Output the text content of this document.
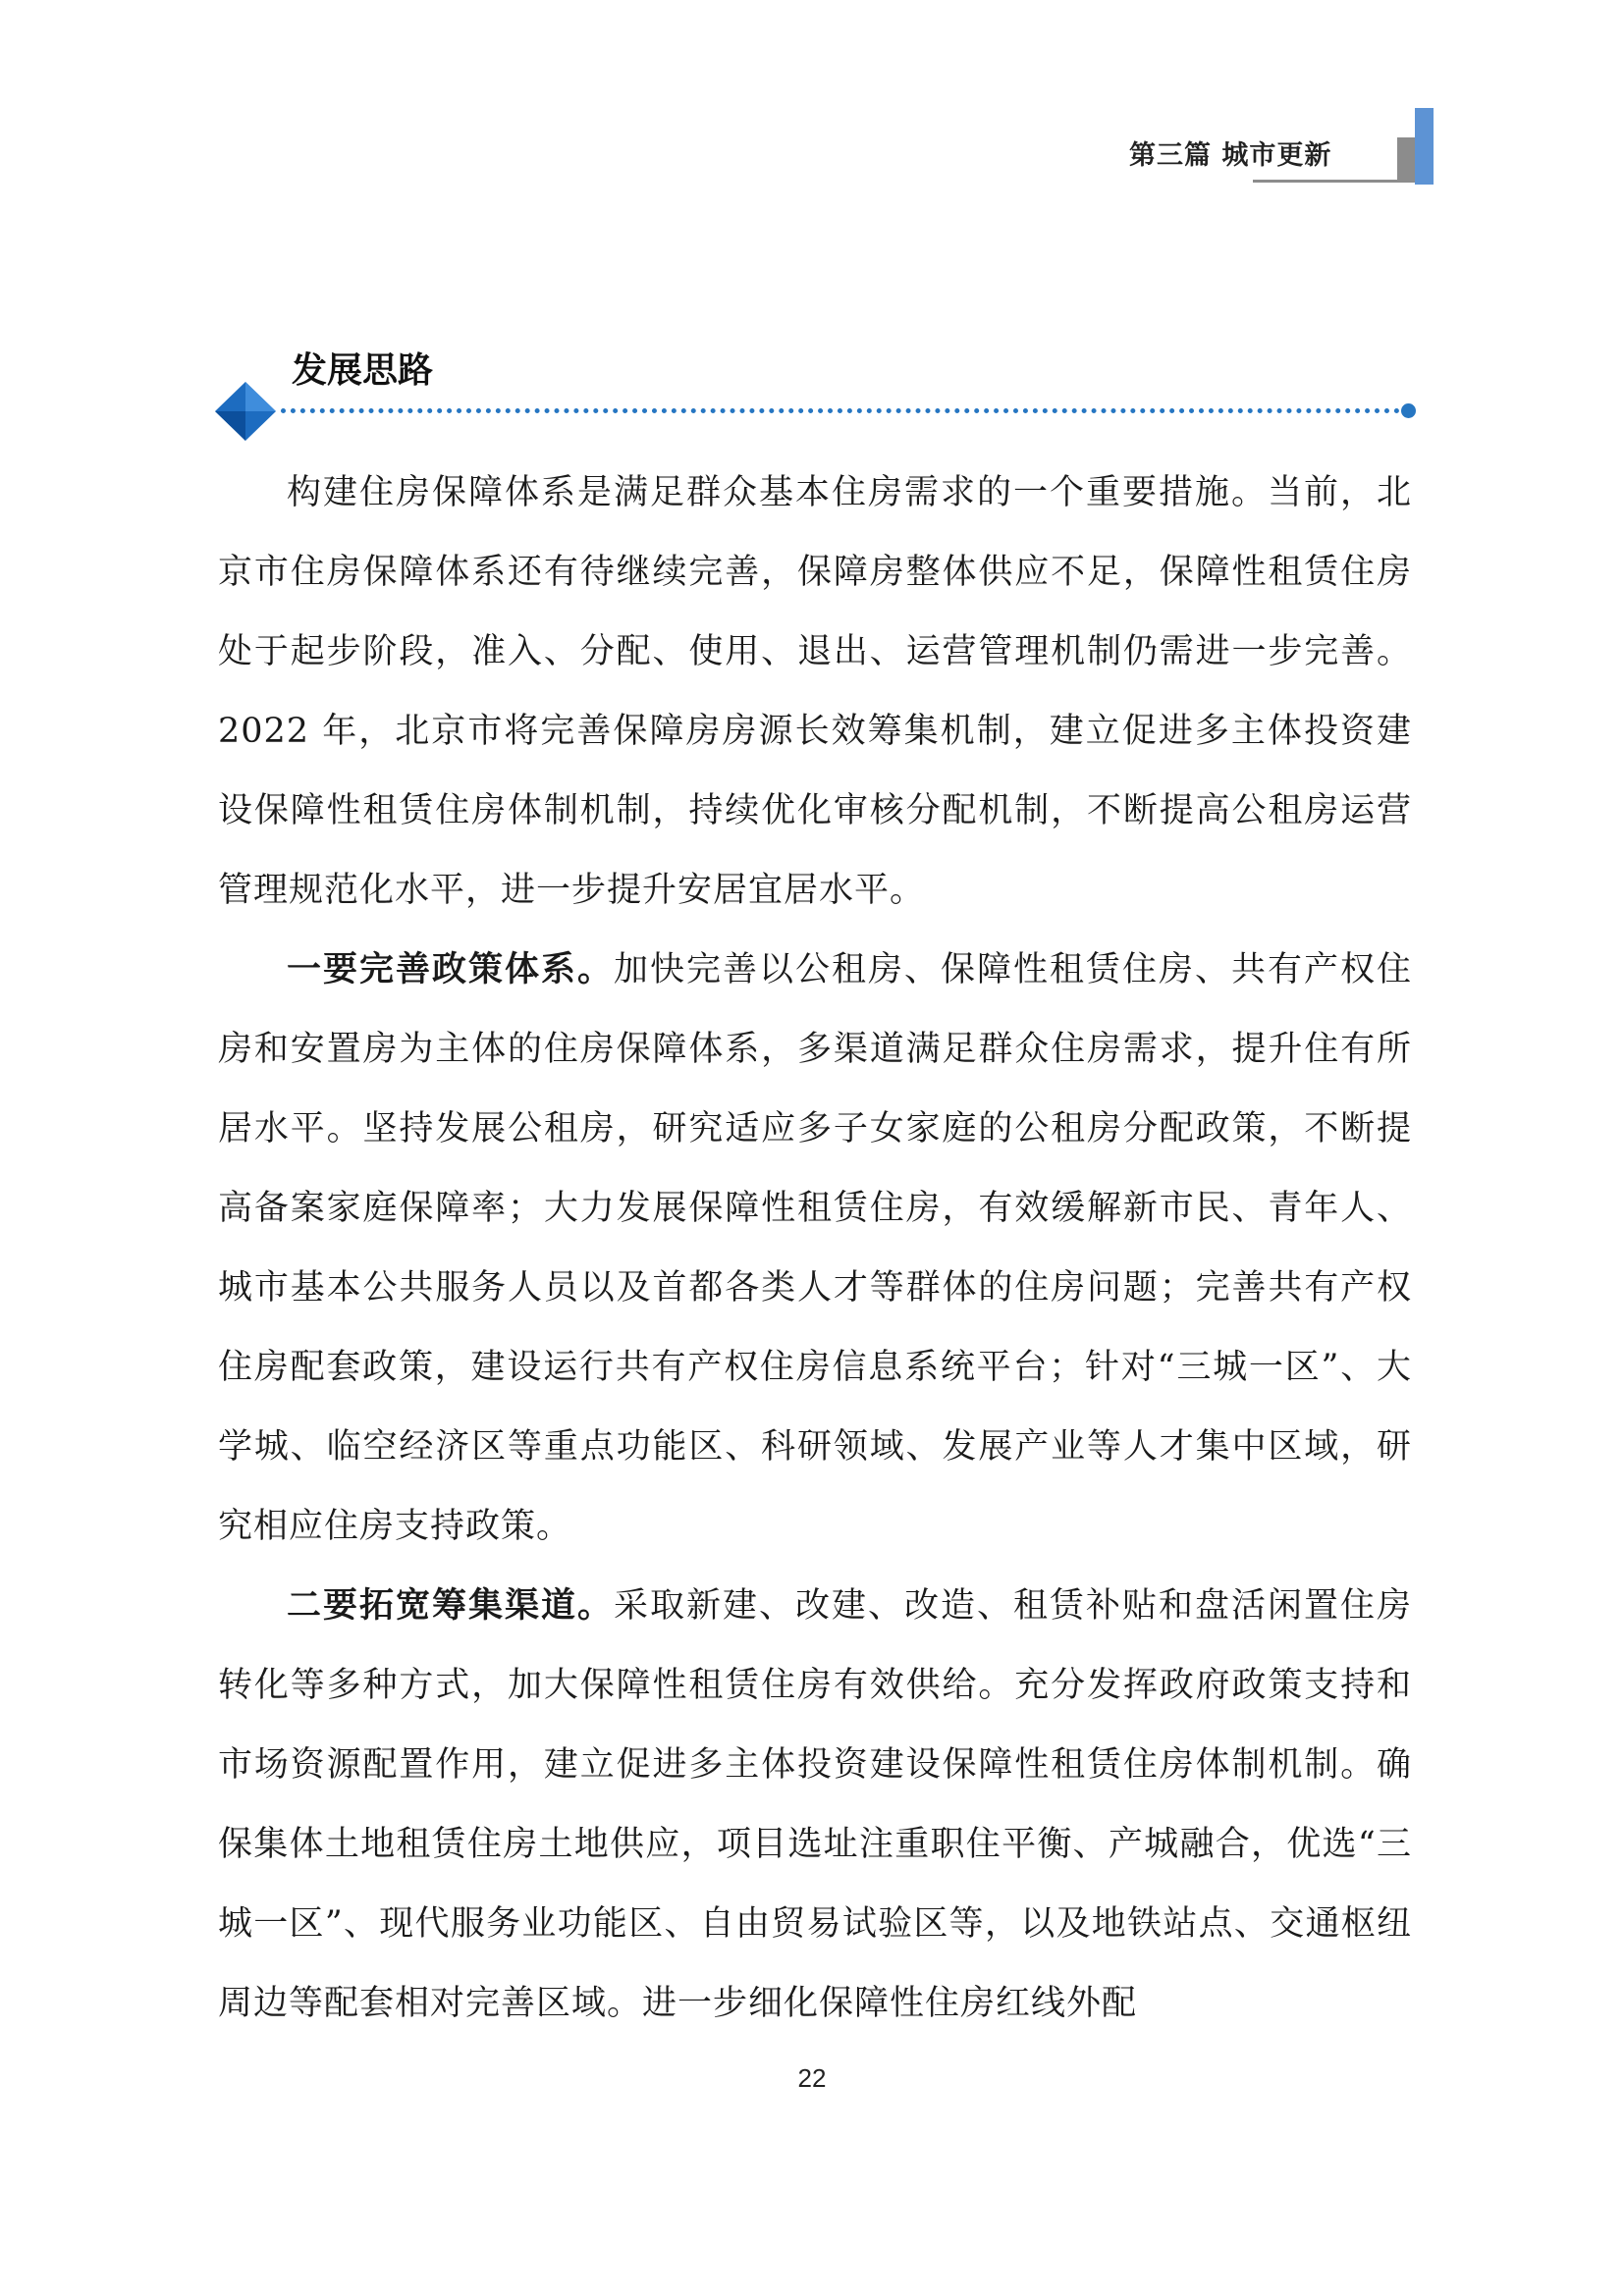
第三篇 城市更新
发展思路

构建住房保障体系是满足群众基本住房需求的一个重要措施。当前，北京市住房保障体系还有待继续完善，保障房整体供应不足，保障性租赁住房处于起步阶段，准入、分配、使用、退出、运营管理机制仍需进一步完善。2022 年，北京市将完善保障房房源长效筹集机制，建立促进多主体投资建设保障性租赁住房体制机制，持续优化审核分配机制，不断提高公租房运营管理规范化水平，进一步提升安居宜居水平。

一要完善政策体系。加快完善以公租房、保障性租赁住房、共有产权住房和安置房为主体的住房保障体系，多渠道满足群众住房需求，提升住有所居水平。坚持发展公租房，研究适应多子女家庭的公租房分配政策，不断提高备案家庭保障率；大力发展保障性租赁住房，有效缓解新市民、青年人、城市基本公共服务人员以及首都各类人才等群体的住房问题；完善共有产权住房配套政策，建设运行共有产权住房信息系统平台；针对“三城一区”、大学城、临空经济区等重点功能区、科研领域、发展产业等人才集中区域，研究相应住房支持政策。

二要拓宽筹集渠道。采取新建、改建、改造、租赁补贴和盘活闲置住房转化等多种方式，加大保障性租赁住房有效供给。充分发挥政府政策支持和市场资源配置作用，建立促进多主体投资建设保障性租赁住房体制机制。确保集体土地租赁住房土地供应，项目选址注重职住平衡、产城融合，优选“三城一区”、现代服务业功能区、自由贸易试验区等，以及地铁站点、交通枢纽周边等配套相对完善区域。进一步细化保障性住房红线外配

22
